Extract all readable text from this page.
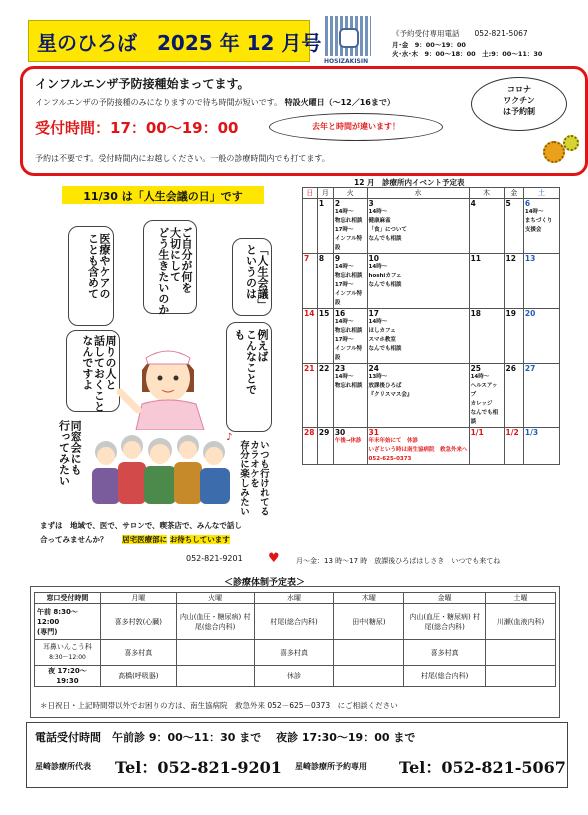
星のひろば　2025 年 12 月号
HOSIZAKISIN
《予約受付専用電話　　052-821-5067
月･金　9：00～19：00
火･水･木　9：00～18：00　土:9：00～11：30
インフルエンザ予防接種始まってます。
インフルエンザの予防接種のみになりますので待ち時間が短いです。 特設火曜日（～12／16まで）
受付時間：17：00～19：00	去年と時間が違います！
予約は不要です。受付時間内にお越しください。一般の診療時間内でも打てます。
コロナ
ワクチン
は予約制
11/30 は「人生会議の日」です
ご自分が何を
大切にして
どう生きたいのか	「人生会議」
というのは
医療やケアの
ことも含めて
周りの人と
話しておくこと
なんですよ	例えば
こんなことで
も
同窓会にも
行ってみたい	いつも行けれてる
カラオケを
存分に楽しみたい
♪
まずは　地域で、医で、サロンで、喫茶店で、みんなで話し
合ってみませんか？ 居宅医療部に お待ちしています
052-821-9201
12 月　診療所内イベント予定表
日	月	火	水	木	金	土

	1	2
14時～
物忘れ相談
17時～
インフル特設	3
14時～
健康麻雀
「食」について
なんでも相談	4	5	6
14時～
まちづくり
支援会

7	8	9
14時～
物忘れ相談
17時～
インフル特設	10
14時～
hoshiカフェ
なんでも相談	11	12	13

14	15	16
14時～
物忘れ相談
17時～
インフル特設	17
14時～
ほしカフェ
スマホ教室
なんでも相談	18	19	20

21	22	23
14時～
物忘れ相談	24
13時～
放課後ひろば
『クリスマス会』	25
14時～
ヘルスアップ
カレッジ
なんでも相談	26	27

28	29	30
午後→休診	31
年末年始にて　休診
いざという時は南生協病院　救急外来へ
052-625-0373	1/1	1/2	1/3
♥ 月～金：13 時～17 時　放課後ひろばはしさき　いつでも来てね
＜診療体制予定表＞
窓口受付時間	月曜	火曜	水曜	木曜	金曜	土曜
午前 8:30～12:00
(専門)	喜多村敦(心臓)	内山(血圧・糖尿病) 村尾(総合内科)	村尾(総合内科)	田中(糖尿)	内山(血圧・糖尿病) 村尾(総合内科)	川瀬(血液内科)
耳鼻いんこう科
8:30～12:00	喜多村真		喜多村真		喜多村真	
夜 17:20～19:30	高橋(呼吸器)		休診		村尾(総合内科)	
＊日祝日・上記時間帯以外でお困りの方は、南生協病院　救急外来 052－625－0373　にご相談ください
電話受付時間　午前診 9：00～11：30 まで　 夜診 17:30～19：00 まで
星崎診療所代表 Tel：052-821-9201 星崎診療所予約専用 Tel：052-821-5067
